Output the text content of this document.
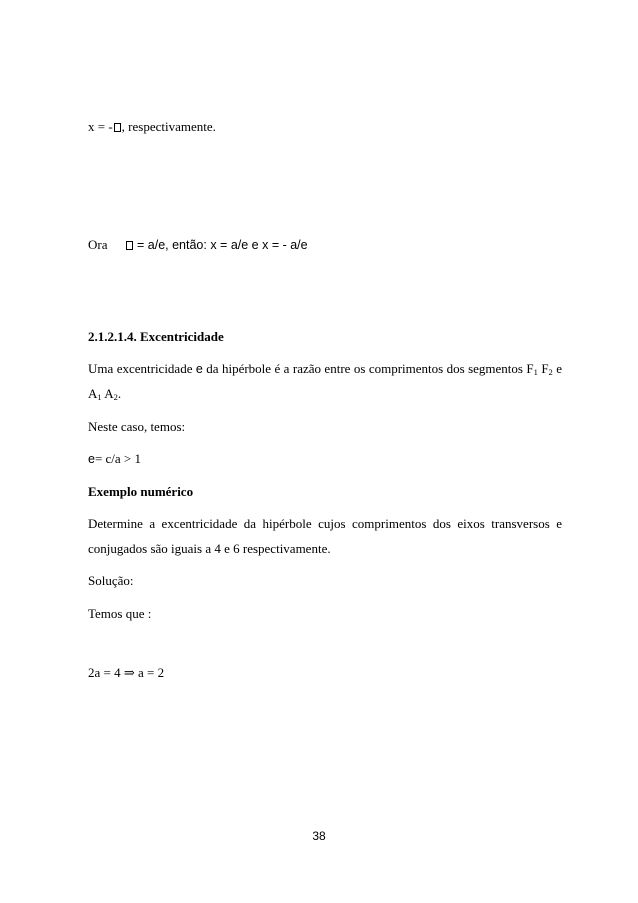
x = - , respectivamente.
Ora = a/e, então: x = a/e e x = - a/e
2.1.2.1.4. Excentricidade
Uma excentricidade e da hipérbole é a razão entre os comprimentos dos segmentos $F_1$ $F_2$ e
$A_1$ $A_2$.
Neste caso, temos:
e= c/a > 1
Exemplo numérico
Determine a excentricidade da hipérbole cujos comprimentos dos eixos transversos e
conjugados são iguais a 4 e 6 respectivamente.
Solução:
Temos que :
2a = 4 ⇒ a = 2
38
